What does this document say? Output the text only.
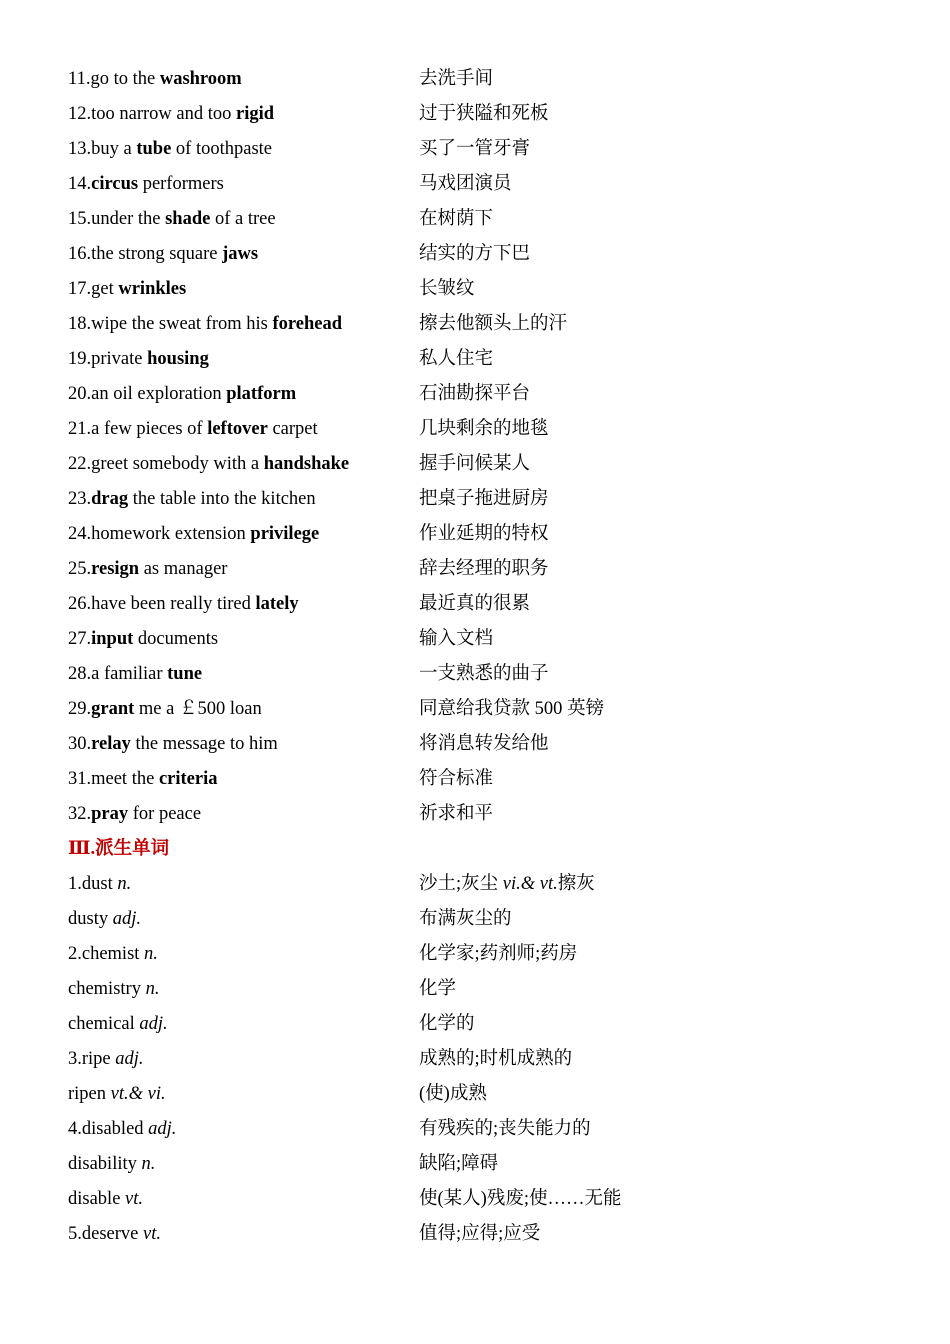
11.go to the washroom	去洗手间
12.too narrow and too rigid	过于狭隘和死板
13.buy a tube of toothpaste	买了一管牙膏
14.circus performers	马戏团演员
15.under the shade of a tree	在树荫下
16.the strong square jaws	结实的方下巴
17.get wrinkles	长皱纹
18.wipe the sweat from his forehead	擦去他额头上的汗
19.private housing	私人住宅
20.an oil exploration platform	石油勘探平台
21.a few pieces of leftover carpet	几块剩余的地毯
22.greet somebody with a handshake	握手问候某人
23.drag the table into the kitchen	把桌子拖进厨房
24.homework extension privilege	作业延期的特权
25.resign as manager	辞去经理的职务
26.have been really tired lately	最近真的很累
27.input documents	输入文档
28.a familiar tune	一支熟悉的曲子
29.grant me a ￡500 loan	同意给我贷款 500 英镑
30.relay the message to him	将消息转发给他
31.meet the criteria	符合标准
32.pray for peace	祈求和平
Ⅲ.派生单词
1.dust n.	沙土;灰尘 vi.& vt.擦灰
dusty adj.	布满灰尘的
2.chemist n.	化学家;药剂师;药房
chemistry n.	化学
chemical adj.	化学的
3.ripe adj.	成熟的;时机成熟的
ripen vt.& vi.	(使)成熟
4.disabled adj.	有残疾的;丧失能力的
disability n.	缺陷;障碍
disable vt.	使(某人)残废;使……无能
5.deserve vt.	值得;应得;应受
